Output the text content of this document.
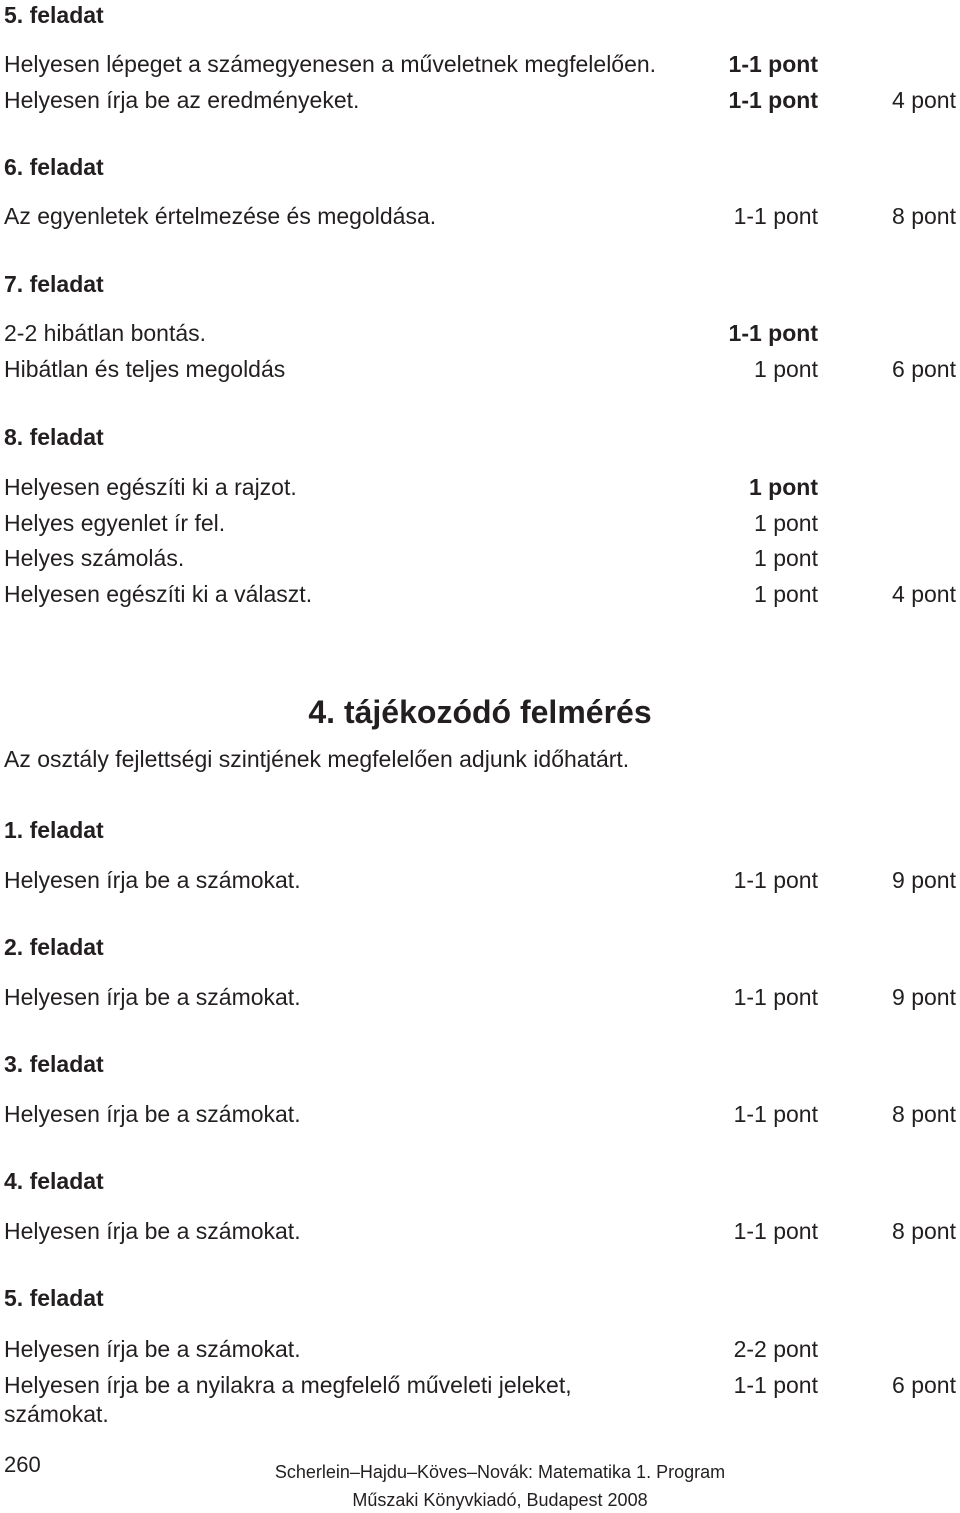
5. feladat
Helyesen lépeget a számegyenesen a műveletnek megfelelően.	1-1 pont
Helyesen írja be az eredményeket.	1-1 pont	4 pont
6. feladat
Az egyenletek értelmezése és megoldása.	1-1 pont	8 pont
7. feladat
2-2 hibátlan bontás.	1-1 pont
Hibátlan és teljes megoldás	1 pont	6 pont
8. feladat
Helyesen egészíti ki a rajzot.	1 pont
Helyes egyenlet ír fel.	1 pont
Helyes számolás.	1 pont
Helyesen egészíti ki a választ.	1 pont	4 pont
4. tájékozódó felmérés
Az osztály fejlettségi szintjének megfelelően adjunk időhatárt.
1. feladat
Helyesen írja be a számokat.	1-1 pont	9 pont
2. feladat
Helyesen írja be a számokat.	1-1 pont	9 pont
3. feladat
Helyesen írja be a számokat.	1-1 pont	8 pont
4. feladat
Helyesen írja be a számokat.	1-1 pont	8 pont
5. feladat
Helyesen írja be a számokat.	2-2 pont
Helyesen írja be a nyilakra a megfelelő műveleti jeleket,	1-1 pont	6 pont
számokat.
260	Scherlein–Hajdu–Köves–Novák: Matematika 1. Program
Műszaki Könyvkiadó, Budapest 2008
